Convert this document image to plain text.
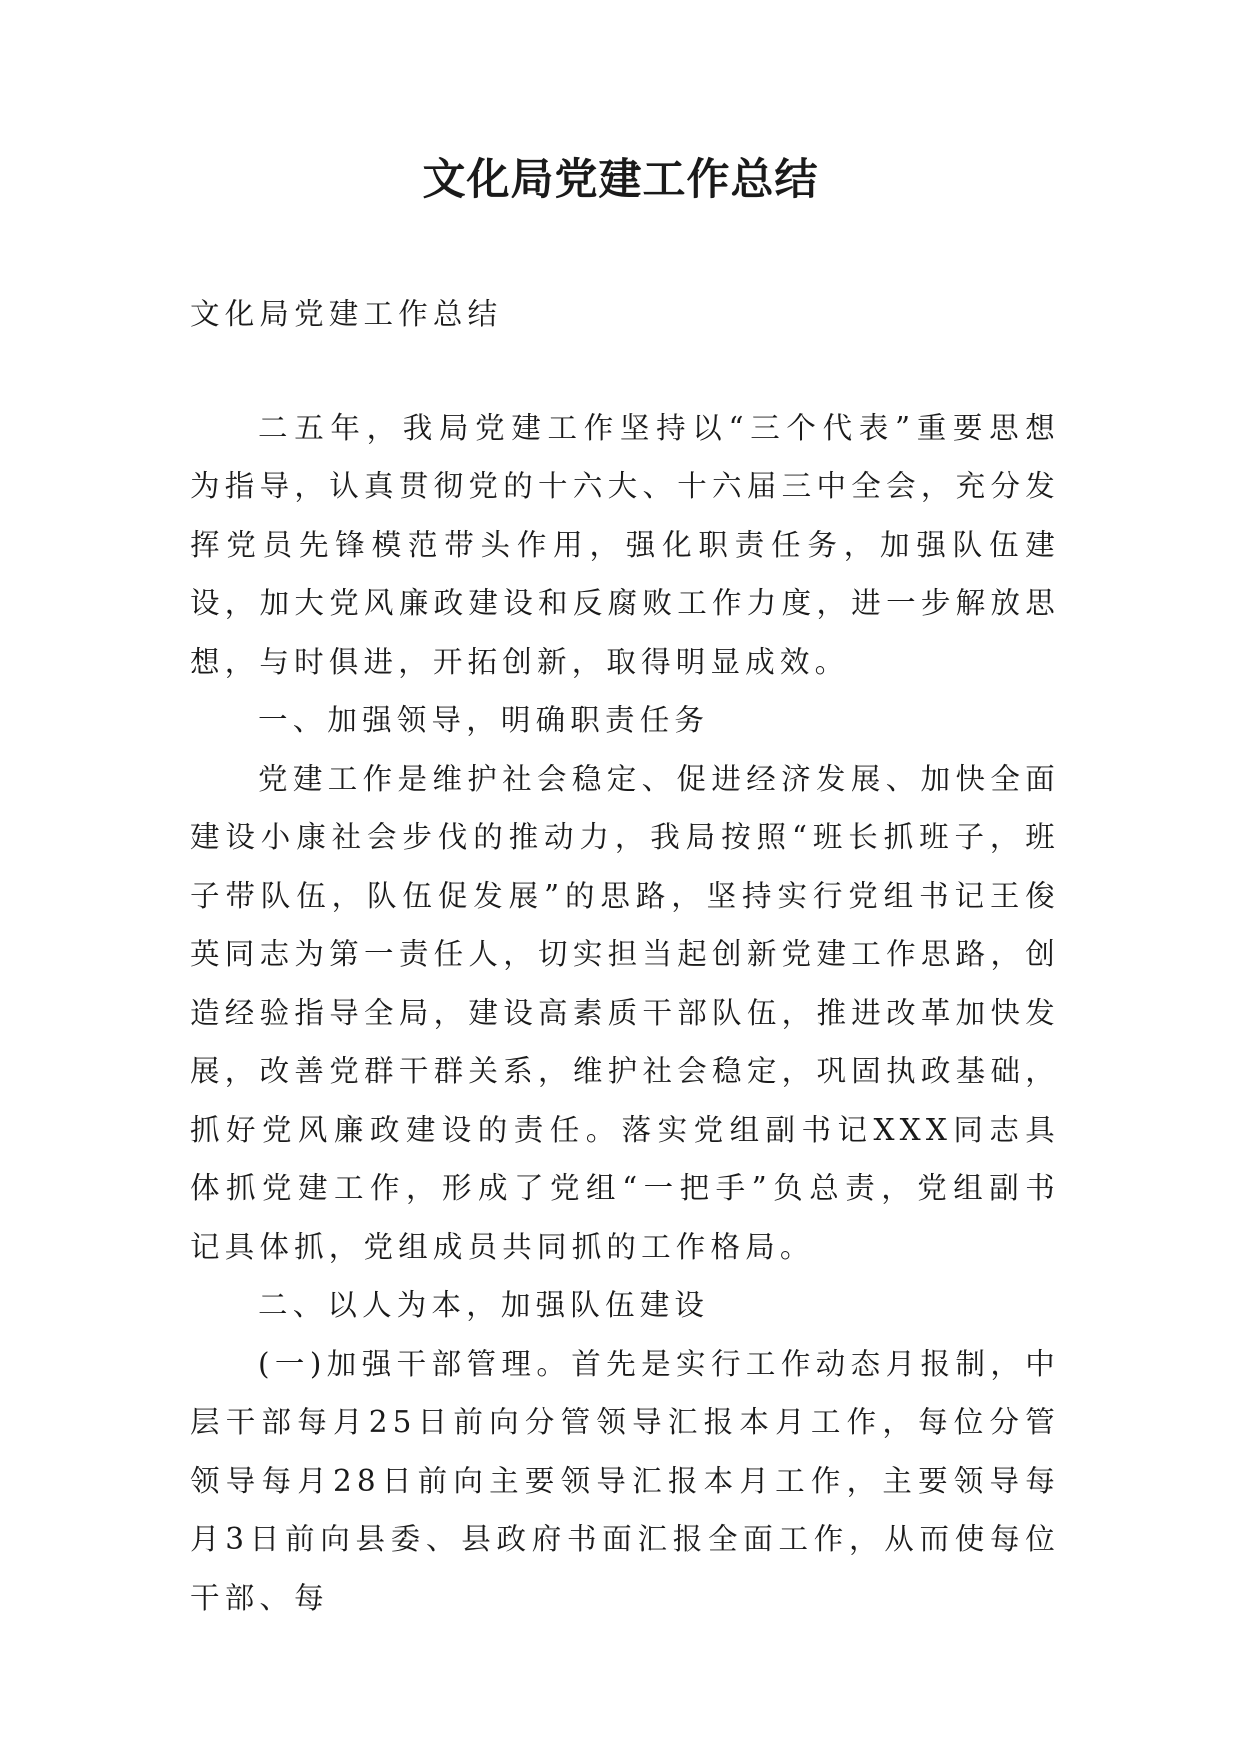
文化局党建工作总结

文化局党建工作总结

二五年，我局党建工作坚持以“三个代表”重要思想为指导，认真贯彻党的十六大、十六届三中全会，充分发挥党员先锋模范带头作用，强化职责任务，加强队伍建设，加大党风廉政建设和反腐败工作力度，进一步解放思想，与时俱进，开拓创新，取得明显成效。

一、加强领导，明确职责任务

党建工作是维护社会稳定、促进经济发展、加快全面建设小康社会步伐的推动力，我局按照“班长抓班子，班子带队伍，队伍促发展”的思路，坚持实行党组书记王俊英同志为第一责任人，切实担当起创新党建工作思路，创造经验指导全局，建设高素质干部队伍，推进改革加快发展，改善党群干群关系，维护社会稳定，巩固执政基础，抓好党风廉政建设的责任。落实党组副书记XXX同志具体抓党建工作，形成了党组“一把手”负总责，党组副书记具体抓，党组成员共同抓的工作格局。

二、以人为本，加强队伍建设

(一)加强干部管理。首先是实行工作动态月报制，中层干部每月25日前向分管领导汇报本月工作，每位分管领导每月28日前向主要领导汇报本月工作，主要领导每月3日前向县委、县政府书面汇报全面工作，从而使每位干部、每
